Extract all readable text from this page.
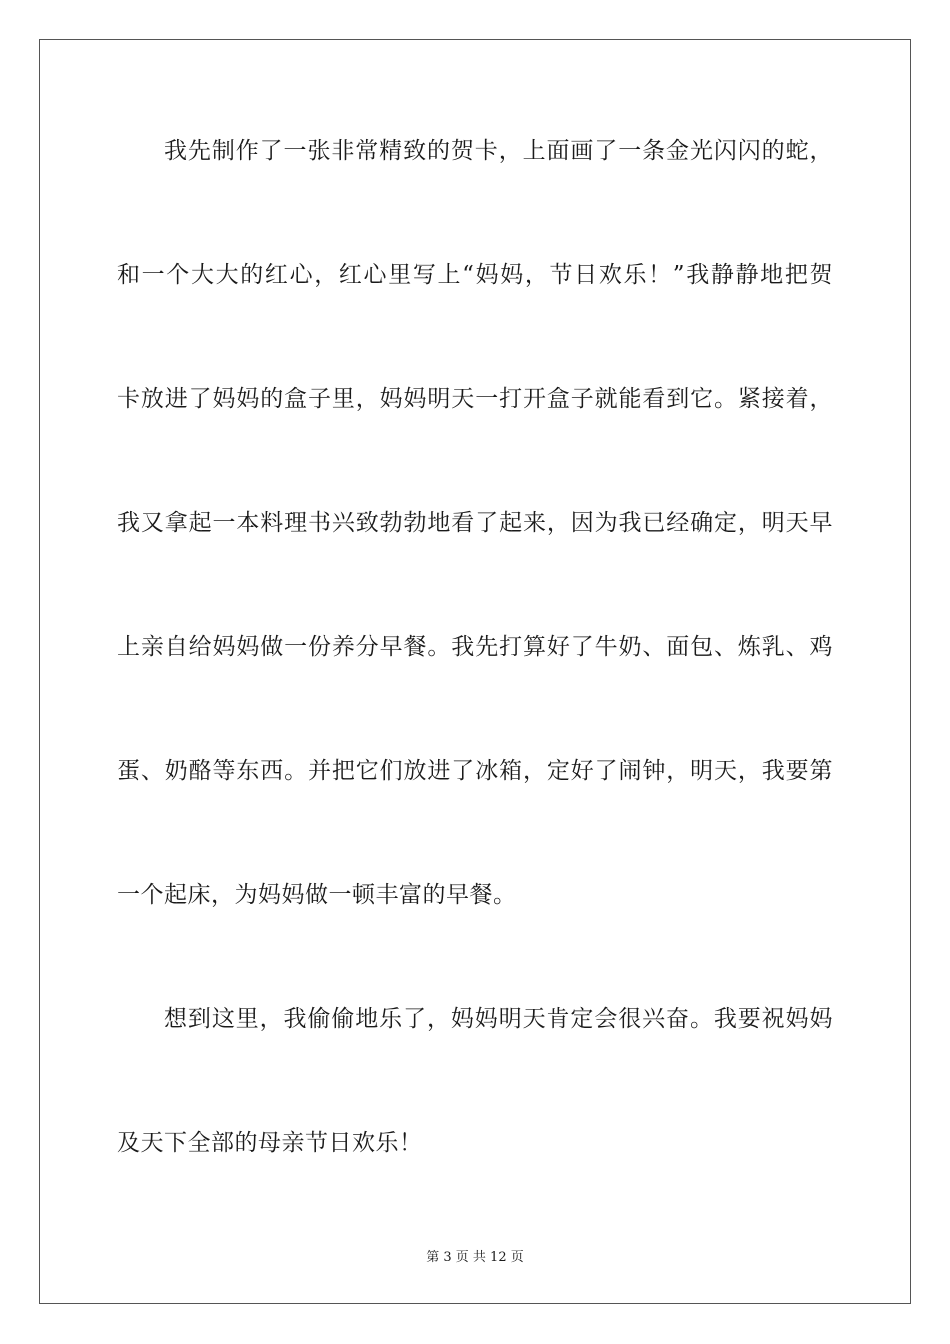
我先制作了一张非常精致的贺卡，上面画了一条金光闪闪的蛇，
和一个大大的红心，红心里写上“妈妈，节日欢乐！”我静静地把贺
卡放进了妈妈的盒子里，妈妈明天一打开盒子就能看到它。紧接着，
我又拿起一本料理书兴致勃勃地看了起来，因为我已经确定，明天早
上亲自给妈妈做一份养分早餐。我先打算好了牛奶、面包、炼乳、鸡
蛋、奶酪等东西。并把它们放进了冰箱，定好了闹钟，明天，我要第
一个起床，为妈妈做一顿丰富的早餐。
想到这里，我偷偷地乐了，妈妈明天肯定会很兴奋。我要祝妈妈
及天下全部的母亲节日欢乐！
第 3 页 共 12 页
